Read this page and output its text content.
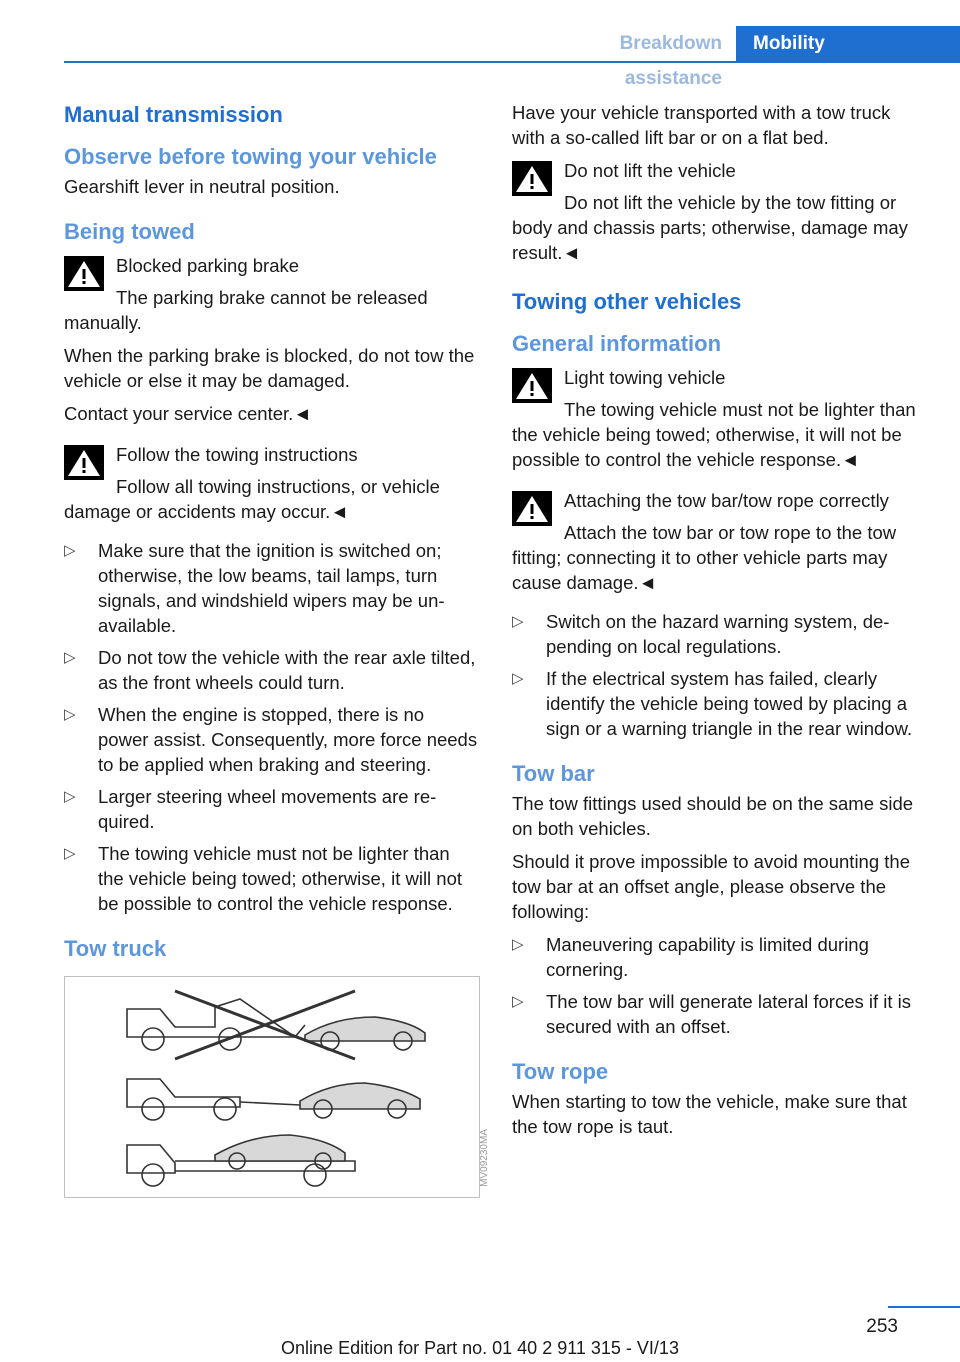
Breakdown assistance
Mobility
Manual transmission
Observe before towing your vehicle

Gearshift lever in neutral position.

Being towed
Blocked parking brake
The parking brake cannot be released manually.

When the parking brake is blocked, do not tow the vehicle or else it may be damaged.

Contact your service center.◄

Follow the towing instructions
Follow all towing instructions, or vehicle damage or accidents may occur.◄
▷ Make sure that the ignition is switched on; otherwise, the low beams, tail lamps, turn signals, and windshield wipers may be unavailable.
▷ Do not tow the vehicle with the rear axle tilted, as the front wheels could turn.
▷ When the engine is stopped, there is no power assist. Consequently, more force needs to be applied when braking and steering.
▷ Larger steering wheel movements are required.
▷ The towing vehicle must not be lighter than the vehicle being towed; otherwise, it will not be possible to control the vehicle response.
Tow truck
MV09230MA

Have your vehicle transported with a tow truck with a so-called lift bar or on a flat bed.

Do not lift the vehicle
Do not lift the vehicle by the tow fitting or body and chassis parts; otherwise, damage may result.◄
Towing other vehicles
General information
Light towing vehicle
The towing vehicle must not be lighter than the vehicle being towed; otherwise, it will not be possible to control the vehicle response.◄
Attaching the tow bar/tow rope correctly
Attach the tow bar or tow rope to the tow fitting; connecting it to other vehicle parts may cause damage.◄
▷ Switch on the hazard warning system, depending on local regulations.
▷ If the electrical system has failed, clearly identify the vehicle being towed by placing a sign or a warning triangle in the rear window.
Tow bar

The tow fittings used should be on the same side on both vehicles.

Should it prove impossible to avoid mounting the tow bar at an offset angle, please observe the following:

▷ Maneuvering capability is limited during cornering.
▷ The tow bar will generate lateral forces if it is secured with an offset.
Tow rope

When starting to tow the vehicle, make sure that the tow rope is taut.

253
Online Edition for Part no. 01 40 2 911 315 - VI/13
